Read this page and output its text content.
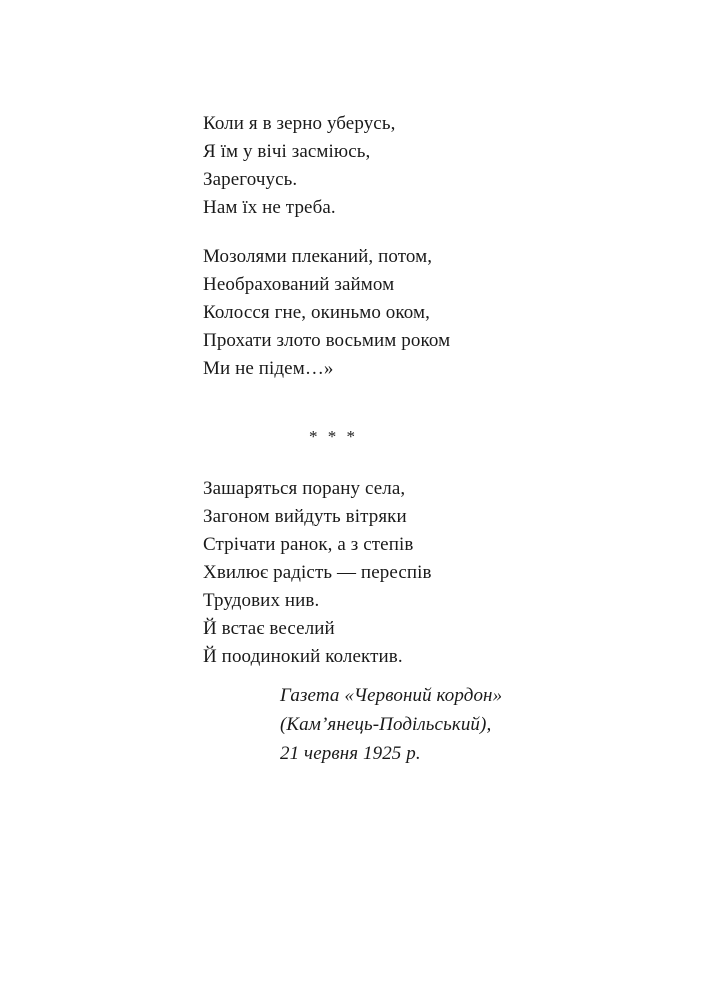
Коли я в зерно уберусь,
Я їм у вічі засміюсь,
Зарегочусь.
Нам їх не треба.
Мозолями плеканий, потом,
Необрахований займом
Колосся гне, окиньмо оком,
Прохати злото восьмим роком
Ми не підем…»
* * *
Зашаряться порану села,
Загоном вийдуть вітряки
Стрічати ранок, а з степів
Хвилює радість — переспів
Трудових нив.
Й встає веселий
Й поодинокий колектив.
Газета «Червоний кордон»
(Кам’янець-Подільський),
21 червня 1925 р.
